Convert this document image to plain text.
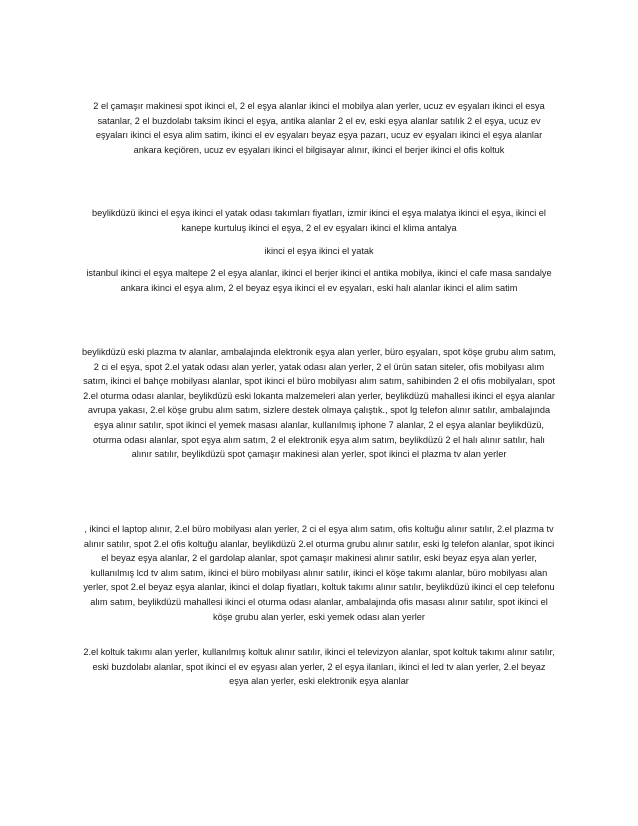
2 el çamaşır makinesi spot ikinci el, 2 el eşya alanlar ikinci el mobilya alan yerler, ucuz ev eşyaları ikinci el esya satanlar, 2 el buzdolabı taksim ikinci el eşya, antika alanlar 2 el ev, eski eşya alanlar satılık 2 el eşya, ucuz ev eşyaları ikinci el esya alim satim, ikinci el ev eşyaları beyaz eşya pazarı, ucuz ev eşyaları ikinci el eşya alanlar ankara keçiören, ucuz ev eşyaları ikinci el bilgisayar alınır, ikinci el berjer ikinci el ofis koltuk

beylikdüzü ikinci el eşya ikinci el yatak odası takımları fiyatları, izmir ikinci el eşya malatya ikinci el eşya, ikinci el kanepe kurtuluş ikinci el eşya, 2 el ev eşyaları ikinci el klima antalya

ikinci el eşya ikinci el yatak

istanbul ikinci el eşya maltepe 2 el eşya alanlar, ikinci el berjer ikinci el antika mobilya, ikinci el cafe masa sandalye ankara ikinci el eşya alım, 2 el beyaz eşya ikinci el ev eşyaları, eski halı alanlar ikinci el alim satim

beylikdüzü eski plazma tv alanlar, ambalajında elektronik eşya alan yerler, büro eşyaları, spot köşe grubu alım satım, 2 ci el eşya, spot 2.el yatak odası alan yerler, yatak odası alan yerler, 2 el ürün satan siteler, ofis mobilyası alım satım, ikinci el bahçe mobilyası alanlar, spot ikinci el büro mobilyası alım satım, sahibinden 2 el ofis mobilyaları, spot 2.el oturma odası alanlar, beylikdüzü eski lokanta malzemeleri alan yerler, beylikdüzü mahallesi ikinci el eşya alanlar avrupa yakası, 2.el köşe grubu alım satım, sizlere destek olmaya çalıştık., spot lg telefon alınır satılır, ambalajında eşya alınır satılır, spot ikinci el yemek masası alanlar, kullanılmış iphone 7 alanlar, 2 el eşya alanlar beylikdüzü, oturma odası alanlar, spot eşya alım satım, 2 el elektronik eşya alım satım, beylikdüzü 2 el halı alınır satılır, halı alınır satılır, beylikdüzü spot çamaşır makinesi alan yerler, spot ikinci el plazma tv alan yerler

, ikinci el laptop alınır, 2.el büro mobilyası alan yerler, 2 ci el eşya alım satım, ofis koltuğu alınır satılır, 2.el plazma tv alınır satılır, spot 2.el ofis koltuğu alanlar, beylikdüzü 2.el oturma grubu alınır satılır, eski lg telefon alanlar, spot ikinci el beyaz eşya alanlar, 2 el gardolap alanlar, spot çamaşır makinesi alınır satılır, eski beyaz eşya alan yerler, kullanılmış lcd tv alım satım, ikinci el büro mobilyası alınır satılır, ikinci el köşe takımı alanlar, büro mobilyası alan yerler, spot 2.el beyaz eşya alanlar, ikinci el dolap fiyatları, koltuk takımı alınır satılır, beylikdüzü ikinci el cep telefonu alım satım, beylikdüzü mahallesi ikinci el oturma odası alanlar, ambalajında ofis masası alınır satılır, spot ikinci el köşe grubu alan yerler, eski yemek odası alan yerler

2.el koltuk takımı alan yerler, kullanılmış koltuk alınır satılır, ikinci el televizyon alanlar, spot koltuk takımı alınır satılır, eski buzdolabı alanlar, spot ikinci el ev eşyası alan yerler, 2 el eşya ilanları, ikinci el led tv alan yerler, 2.el beyaz eşya alan yerler, eski elektronik eşya alanlar
